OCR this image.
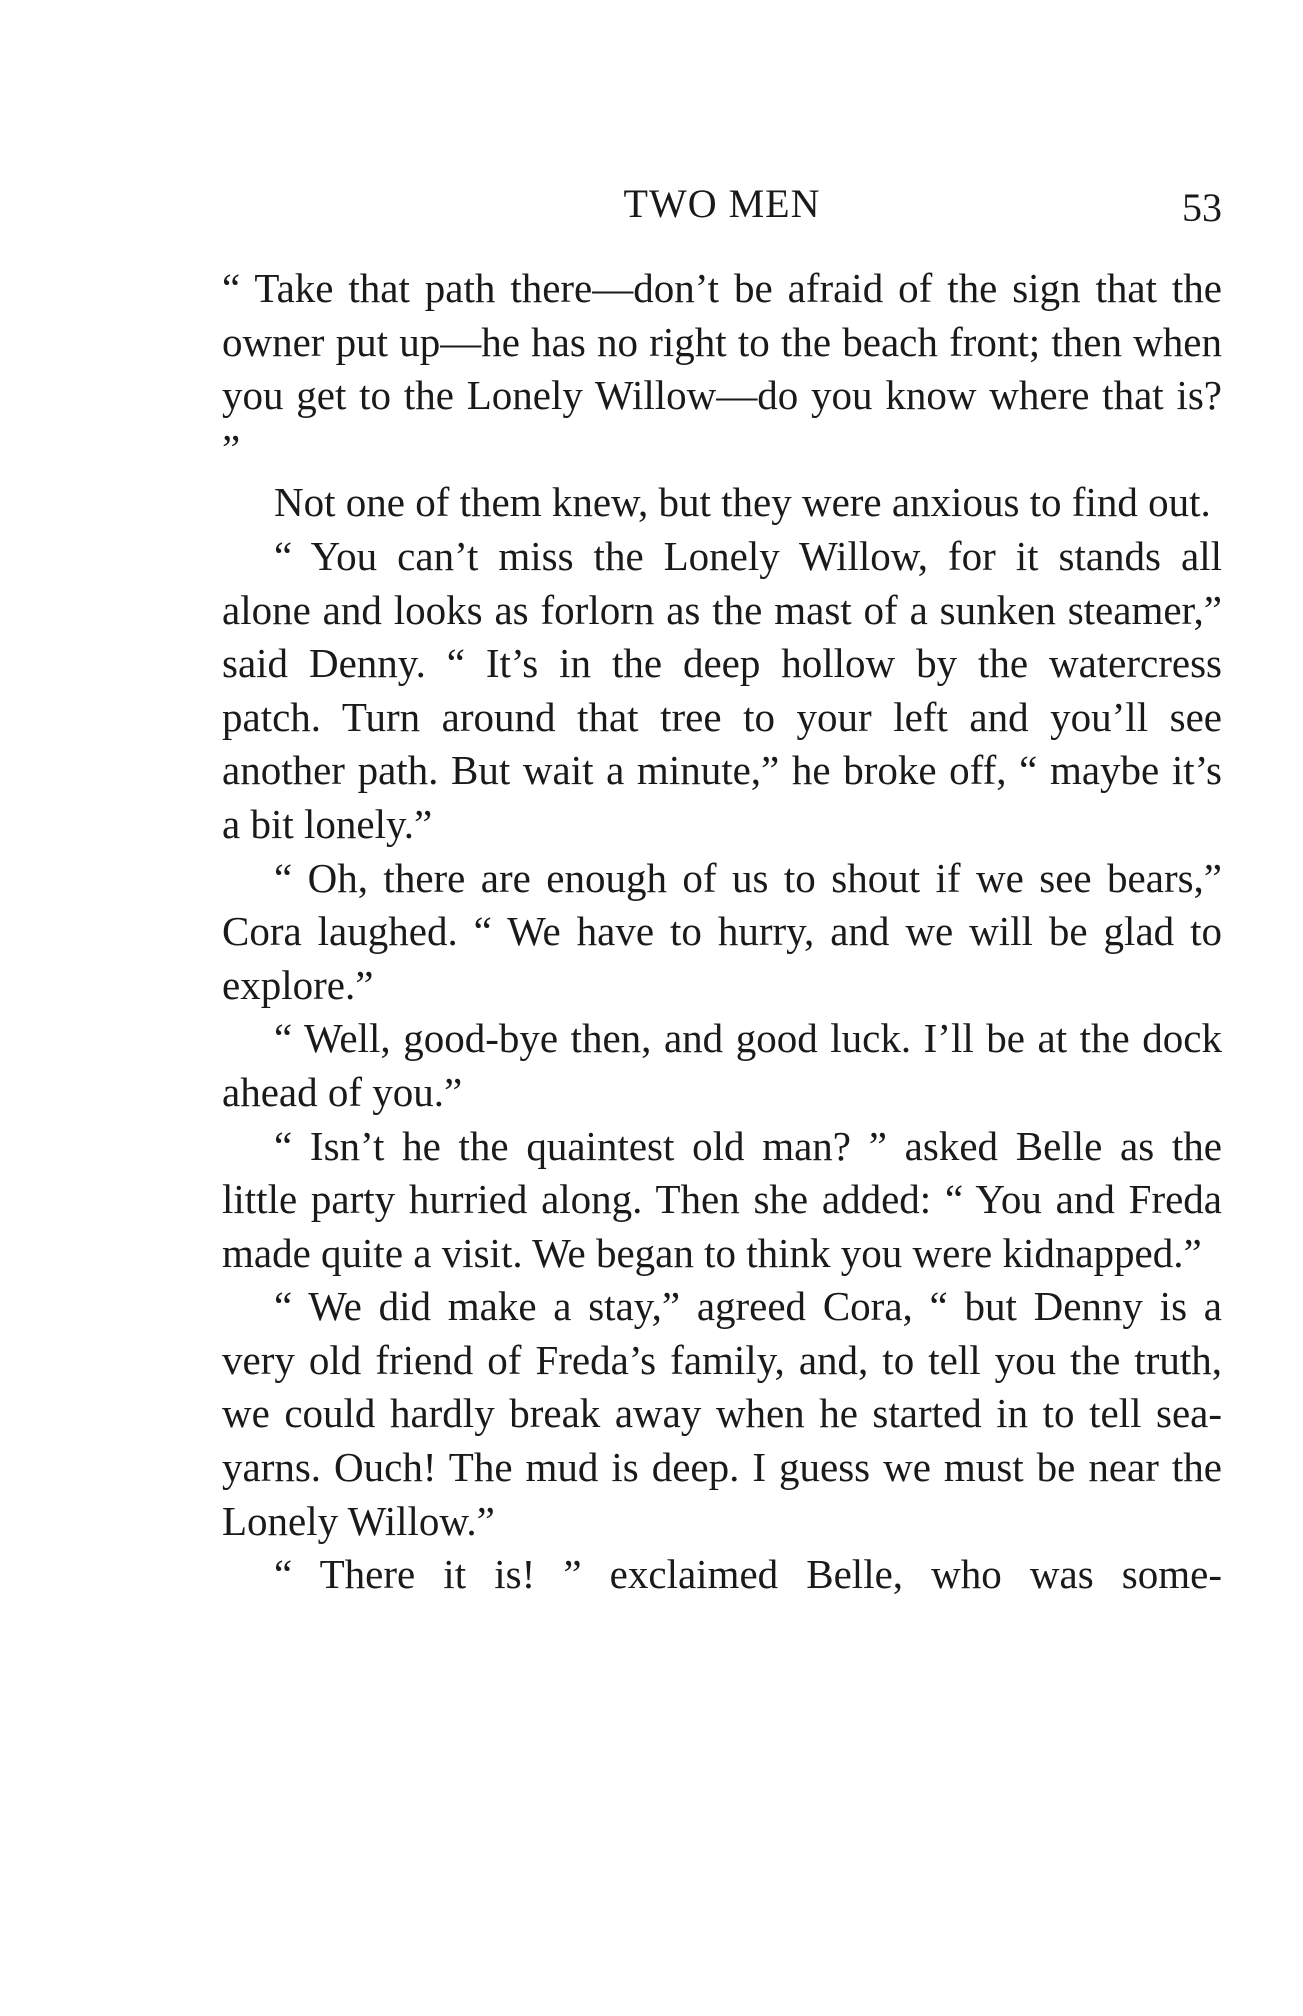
TWO MEN	53

“ Take that path there—don’t be afraid of the sign that the owner put up—he has no right to the beach front; then when you get to the Lonely Willow—do you know where that is? ”

Not one of them knew, but they were anxious to find out.

“ You can’t miss the Lonely Willow, for it stands all alone and looks as forlorn as the mast of a sunken steamer,” said Denny. “ It’s in the deep hollow by the watercress patch. Turn around that tree to your left and you’ll see another path. But wait a minute,” he broke off, “ maybe it’s a bit lonely.”

“ Oh, there are enough of us to shout if we see bears,” Cora laughed. “ We have to hurry, and we will be glad to explore.”

“ Well, good-bye then, and good luck. I’ll be at the dock ahead of you.”

“ Isn’t he the quaintest old man? ” asked Belle as the little party hurried along. Then she added: “ You and Freda made quite a visit. We began to think you were kidnapped.”

“ We did make a stay,” agreed Cora, “ but Denny is a very old friend of Freda’s family, and, to tell you the truth, we could hardly break away when he started in to tell sea-yarns. Ouch! The mud is deep. I guess we must be near the Lonely Willow.”

“ There it is! ” exclaimed Belle, who was some-
